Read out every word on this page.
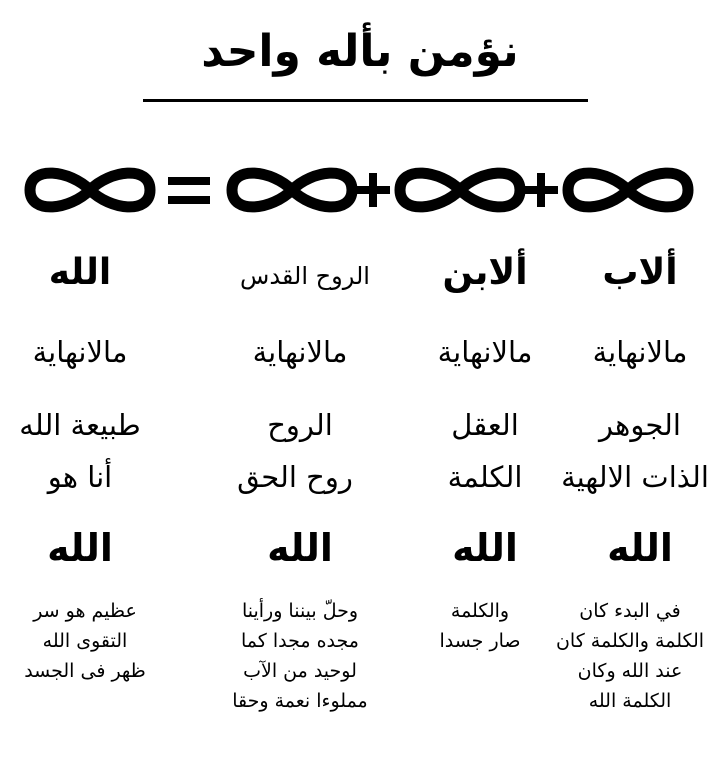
نؤمن بأله واحد
ألاب
مالانهاية
الجوهر
الذات الالهية
الله
في البدء كان
الكلمة والكلمة كان
عند الله وكان
الكلمة الله
ألابن
مالانهاية
العقل
الكلمة
الله
والكلمة
صار جسدا
الروح القدس
مالانهاية
الروح
روح الحق
الله
وحلّ بيننا ورأينا
مجده مجدا كما
لوحيد من الآب
مملوءا نعمة وحقا
الله
مالانهاية
طبيعة الله
أنا هو
الله
عظيم هو سر
التقوى الله
ظهر فى الجسد
